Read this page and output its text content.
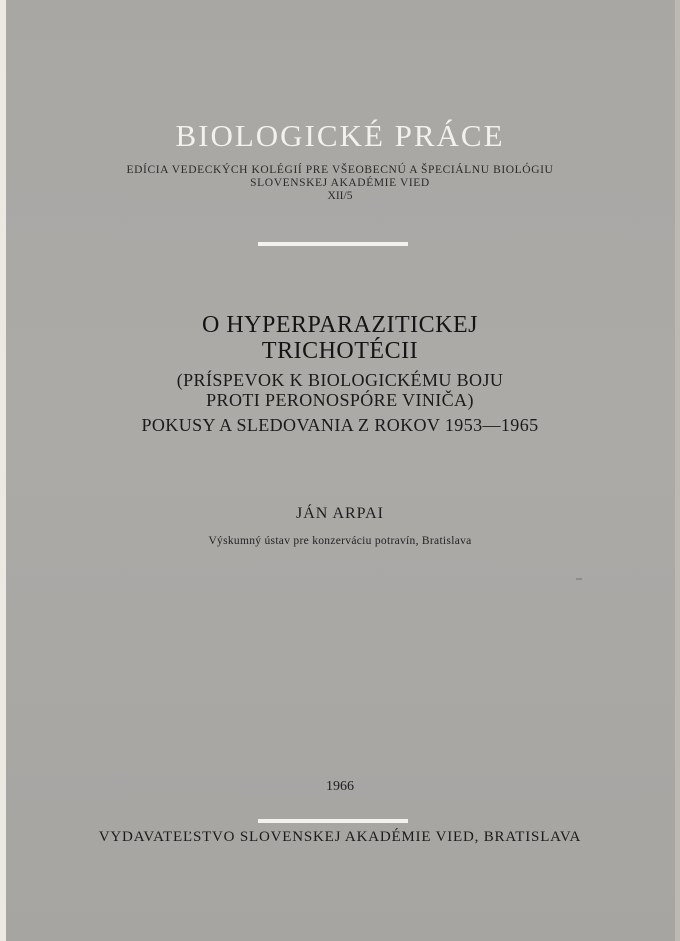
BIOLOGICKÉ PRÁCE
EDÍCIA VEDECKÝCH KOLÉGIÍ PRE VŠEOBECNÚ A ŠPECIÁLNU BIOLÓGIU
SLOVENSKEJ AKADÉMIE VIED
XII/5
O HYPERPARAZITICKEJ
TRICHOTÉCII
(PRÍSPEVOK K BIOLOGICKÉMU BOJU
PROTI PERONOSPÓRE VINIČA)
POKUSY A SLEDOVANIA Z ROKOV 1953—1965
JÁN ARPAI
Výskumný ústav pre konzerváciu potravín, Bratislava
1966
VYDAVATEĽSTVO SLOVENSKEJ AKADÉMIE VIED, BRATISLAVA
